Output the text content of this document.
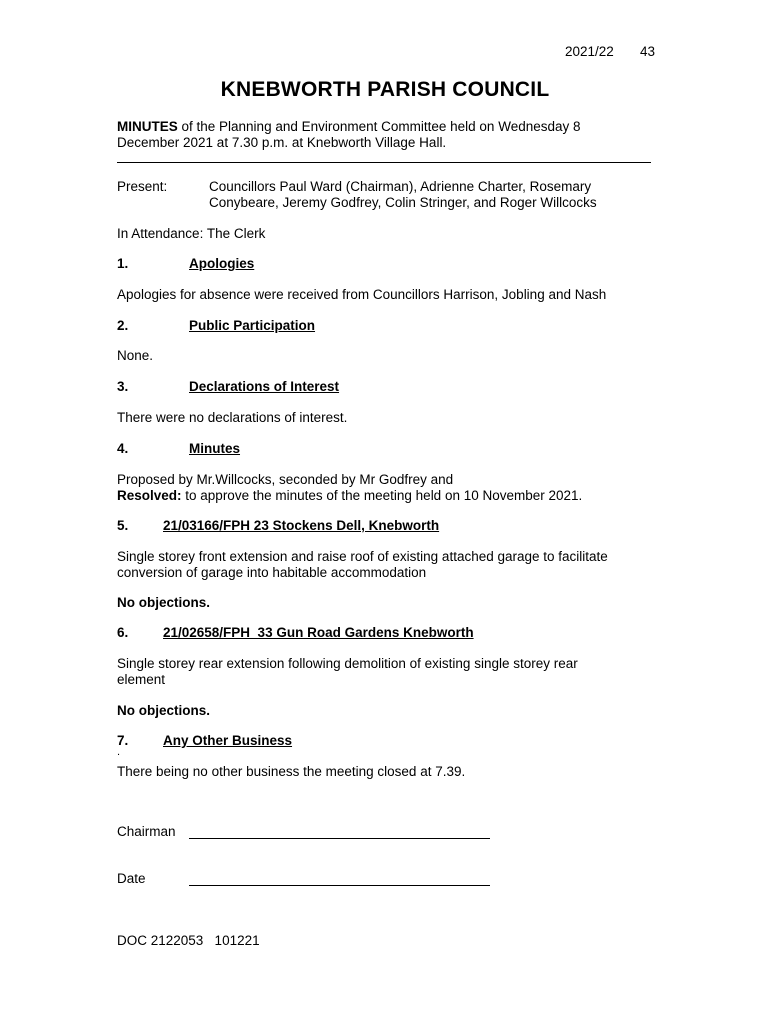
2021/22 43
KNEBWORTH PARISH COUNCIL
MINUTES of the Planning and Environment Committee held on Wednesday 8
December 2021 at 7.30 p.m. at Knebworth Village Hall.
Present:	Councillors Paul Ward (Chairman), Adrienne Charter, Rosemary
Conybeare, Jeremy Godfrey, Colin Stringer, and Roger Willcocks
In Attendance: The Clerk
1.	Apologies
Apologies for absence were received from Councillors Harrison, Jobling and Nash
2.	Public Participation
None.
3.	Declarations of Interest
There were no declarations of interest.
4.	Minutes
Proposed by Mr.Willcocks, seconded by Mr Godfrey and
Resolved: to approve the minutes of the meeting held on 10 November 2021.
5.	21/03166/FPH 23 Stockens Dell, Knebworth
Single storey front extension and raise roof of existing attached garage to facilitate
conversion of garage into habitable accommodation
No objections.
6.	21/02658/FPH  33 Gun Road Gardens Knebworth
Single storey rear extension following demolition of existing single storey rear
element
No objections.
7.	Any Other Business
.
There being no other business the meeting closed at 7.39.
Chairman
Date
DOC 2122053   101221
